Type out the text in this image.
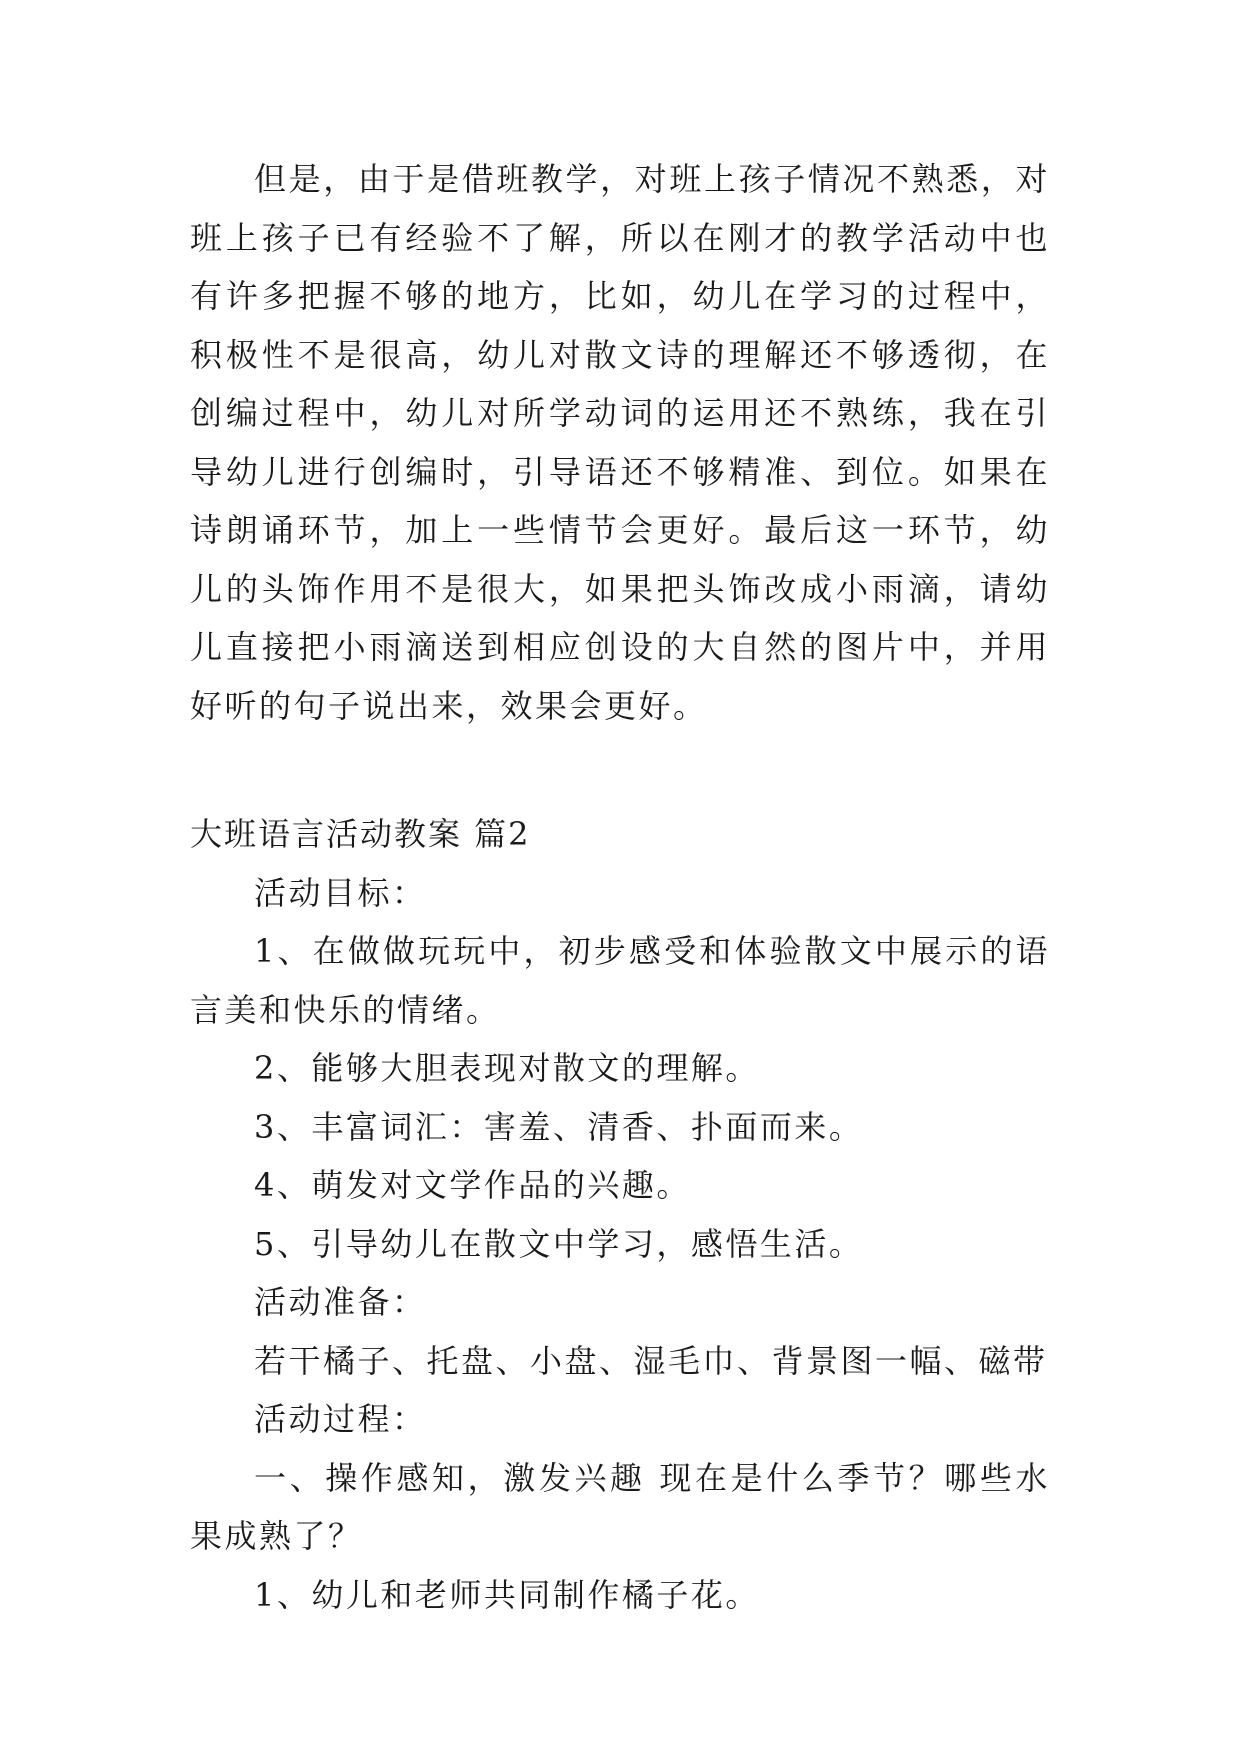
但是，由于是借班教学，对班上孩子情况不熟悉，对班上孩子已有经验不了解，所以在刚才的教学活动中也有许多把握不够的地方，比如，幼儿在学习的过程中，积极性不是很高，幼儿对散文诗的理解还不够透彻，在创编过程中，幼儿对所学动词的运用还不熟练，我在引导幼儿进行创编时，引导语还不够精准、到位。如果在诗朗诵环节，加上一些情节会更好。最后这一环节，幼儿的头饰作用不是很大，如果把头饰改成小雨滴，请幼儿直接把小雨滴送到相应创设的大自然的图片中，并用好听的句子说出来，效果会更好。

大班语言活动教案 篇2

活动目标：

1、在做做玩玩中，初步感受和体验散文中展示的语言美和快乐的情绪。

2、能够大胆表现对散文的理解。

3、丰富词汇：害羞、清香、扑面而来。

4、萌发对文学作品的兴趣。

5、引导幼儿在散文中学习，感悟生活。

活动准备：

若干橘子、托盘、小盘、湿毛巾、背景图一幅、磁带

活动过程：

一、操作感知，激发兴趣 现在是什么季节？哪些水果成熟了？

1、幼儿和老师共同制作橘子花。
